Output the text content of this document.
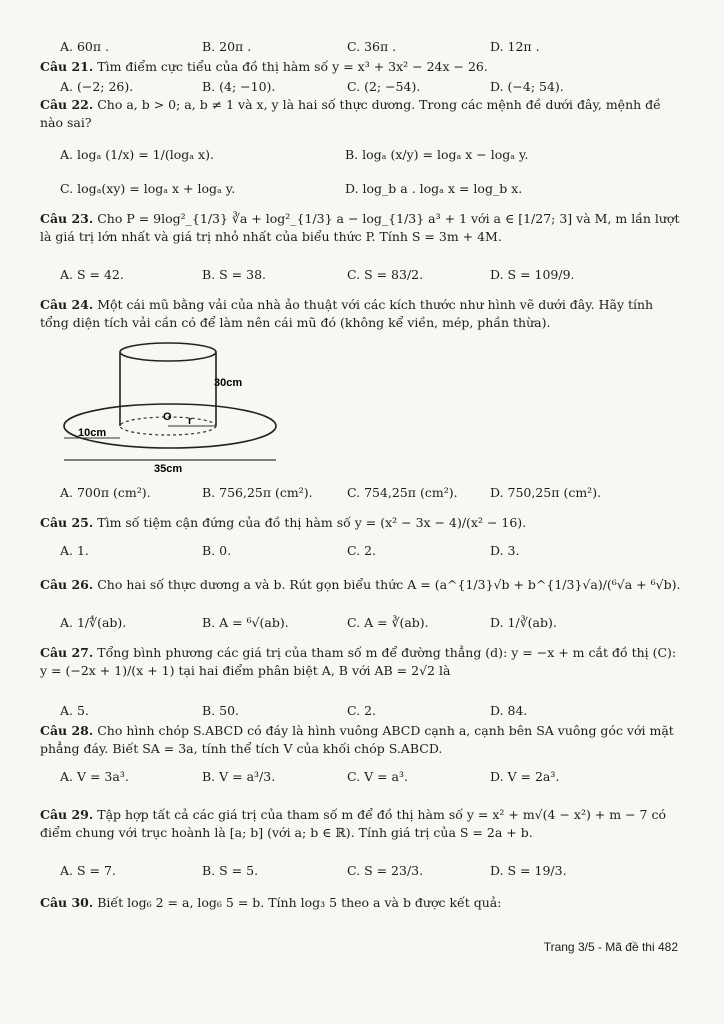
A. 60π .	B. 20π .	C. 36π .	D. 12π .
Câu 21. Tìm điểm cực tiểu của đồ thị hàm số y = x³ + 3x² − 24x − 26.
A. (−2; 26).	B. (4; −10).	C. (2; −54).	D. (−4; 54).
Câu 22. Cho a, b > 0; a, b ≠ 1 và x, y là hai số thực dương. Trong các mệnh đề dưới đây, mệnh đề nào sai?
A. logₐ (1/x) = 1/(logₐ x).	B. logₐ (x/y) = logₐ x − logₐ y.
C. logₐ(xy) = logₐ x + logₐ y.	D. log_b a . logₐ x = log_b x.
Câu 23. Cho P = 9log²_{1/3} ∛a + log²_{1/3} a − log_{1/3} a³ + 1 với a ∈ [1/27; 3] và M, m lần lượt là giá trị lớn nhất và giá trị nhỏ nhất của biểu thức P. Tính S = 3m + 4M.
A. S = 42.	B. S = 38.	C. S = 83/2.	D. S = 109/9.
Câu 24. Một cái mũ bằng vải của nhà ảo thuật với các kích thước như hình vẽ dưới đây. Hãy tính tổng diện tích vải cần có để làm nên cái mũ đó (không kể viền, mép, phần thừa).
O r
10cm
30cm
35cm
A. 700π (cm²).	B. 756,25π (cm²).	C. 754,25π (cm²).	D. 750,25π (cm²).
Câu 25. Tìm số tiệm cận đứng của đồ thị hàm số y = (x² − 3x − 4)/(x² − 16).
A. 1.	B. 0.	C. 2.	D. 3.
Câu 26. Cho hai số thực dương a và b. Rút gọn biểu thức A = (a^{1/3}√b + b^{1/3}√a)/(⁶√a + ⁶√b).
A. 1/∜(ab).	B. A = ⁶√(ab).	C. A = ∛(ab).	D. 1/∛(ab).
Câu 27. Tổng bình phương các giá trị của tham số m để đường thẳng (d): y = −x + m cắt đồ thị (C): y = (−2x + 1)/(x + 1) tại hai điểm phân biệt A, B với AB = 2√2 là
A. 5.	B. 50.	C. 2.	D. 84.
Câu 28. Cho hình chóp S.ABCD có đáy là hình vuông ABCD cạnh a, cạnh bên SA vuông góc với mặt phẳng đáy. Biết SA = 3a, tính thể tích V của khối chóp S.ABCD.
A. V = 3a³.	B. V = a³/3.	C. V = a³.	D. V = 2a³.
Câu 29. Tập hợp tất cả các giá trị của tham số m để đồ thị hàm số y = x² + m√(4 − x²) + m − 7 có điểm chung với trục hoành là [a; b] (với a; b ∈ ℝ). Tính giá trị của S = 2a + b.
A. S = 7.	B. S = 5.	C. S = 23/3.	D. S = 19/3.
Câu 30. Biết log₆ 2 = a, log₆ 5 = b. Tính log₃ 5 theo a và b được kết quả:
Trang 3/5 - Mã đề thi 482
